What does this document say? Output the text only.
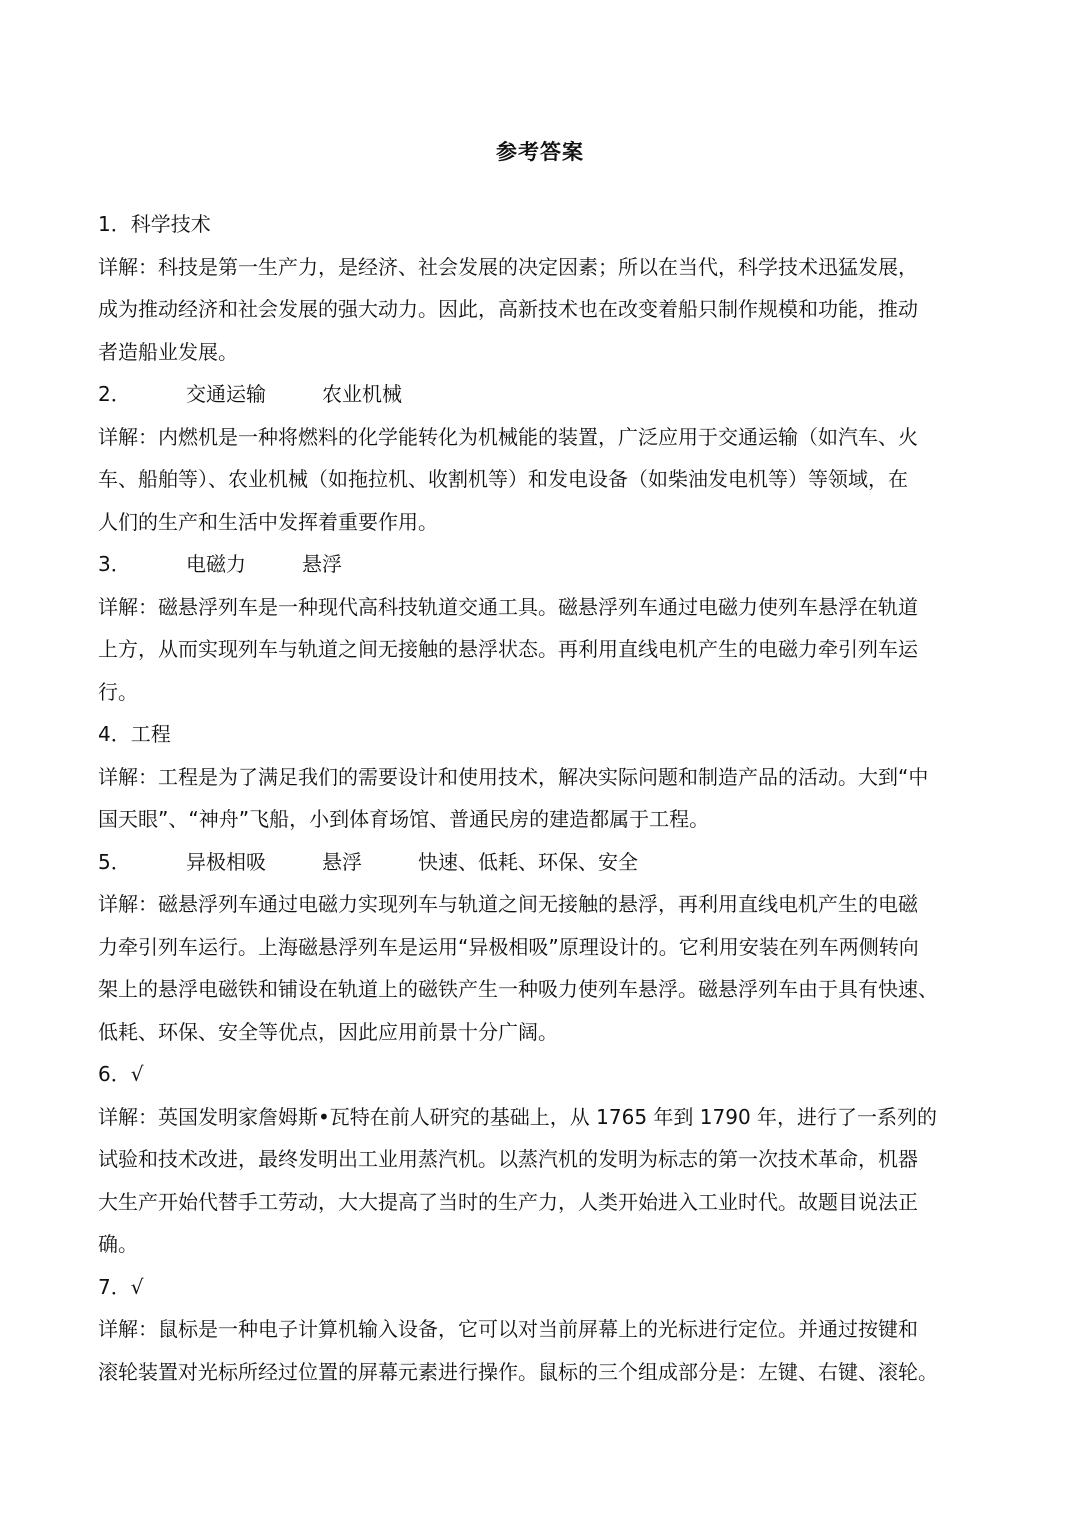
参考答案
1．科学技术
详解：科技是第一生产力，是经济、社会发展的决定因素；所以在当代，科学技术迅猛发展，
成为推动经济和社会发展的强大动力。因此，高新技术也在改变着船只制作规模和功能，推动
者造船业发展。
2．	交通运输	农业机械
详解：内燃机是一种将燃料的化学能转化为机械能的装置，广泛应用于交通运输（如汽车、火
车、船舶等）、农业机械（如拖拉机、收割机等）和发电设备（如柴油发电机等）等领域，在
人们的生产和生活中发挥着重要作用。
3．	电磁力	悬浮
详解：磁悬浮列车是一种现代高科技轨道交通工具。磁悬浮列车通过电磁力使列车悬浮在轨道
上方，从而实现列车与轨道之间无接触的悬浮状态。再利用直线电机产生的电磁力牵引列车运
行。
4．工程
详解：工程是为了满足我们的需要设计和使用技术，解决实际问题和制造产品的活动。大到“中
国天眼”、“神舟”飞船，小到体育场馆、普通民房的建造都属于工程。
5．	异极相吸	悬浮	快速、低耗、环保、安全
详解：磁悬浮列车通过电磁力实现列车与轨道之间无接触的悬浮，再利用直线电机产生的电磁
力牵引列车运行。上海磁悬浮列车是运用“异极相吸”原理设计的。它利用安装在列车两侧转向
架上的悬浮电磁铁和铺设在轨道上的磁铁产生一种吸力使列车悬浮。磁悬浮列车由于具有快速、
低耗、环保、安全等优点，因此应用前景十分广阔。
6．√
详解：英国发明家詹姆斯•瓦特在前人研究的基础上，从 1765 年到 1790 年，进行了一系列的
试验和技术改进，最终发明出工业用蒸汽机。以蒸汽机的发明为标志的第一次技术革命，机器
大生产开始代替手工劳动，大大提高了当时的生产力，人类开始进入工业时代。故题目说法正
确。
7．√
详解：鼠标是一种电子计算机输入设备，它可以对当前屏幕上的光标进行定位。并通过按键和
滚轮装置对光标所经过位置的屏幕元素进行操作。鼠标的三个组成部分是：左键、右键、滚轮。
